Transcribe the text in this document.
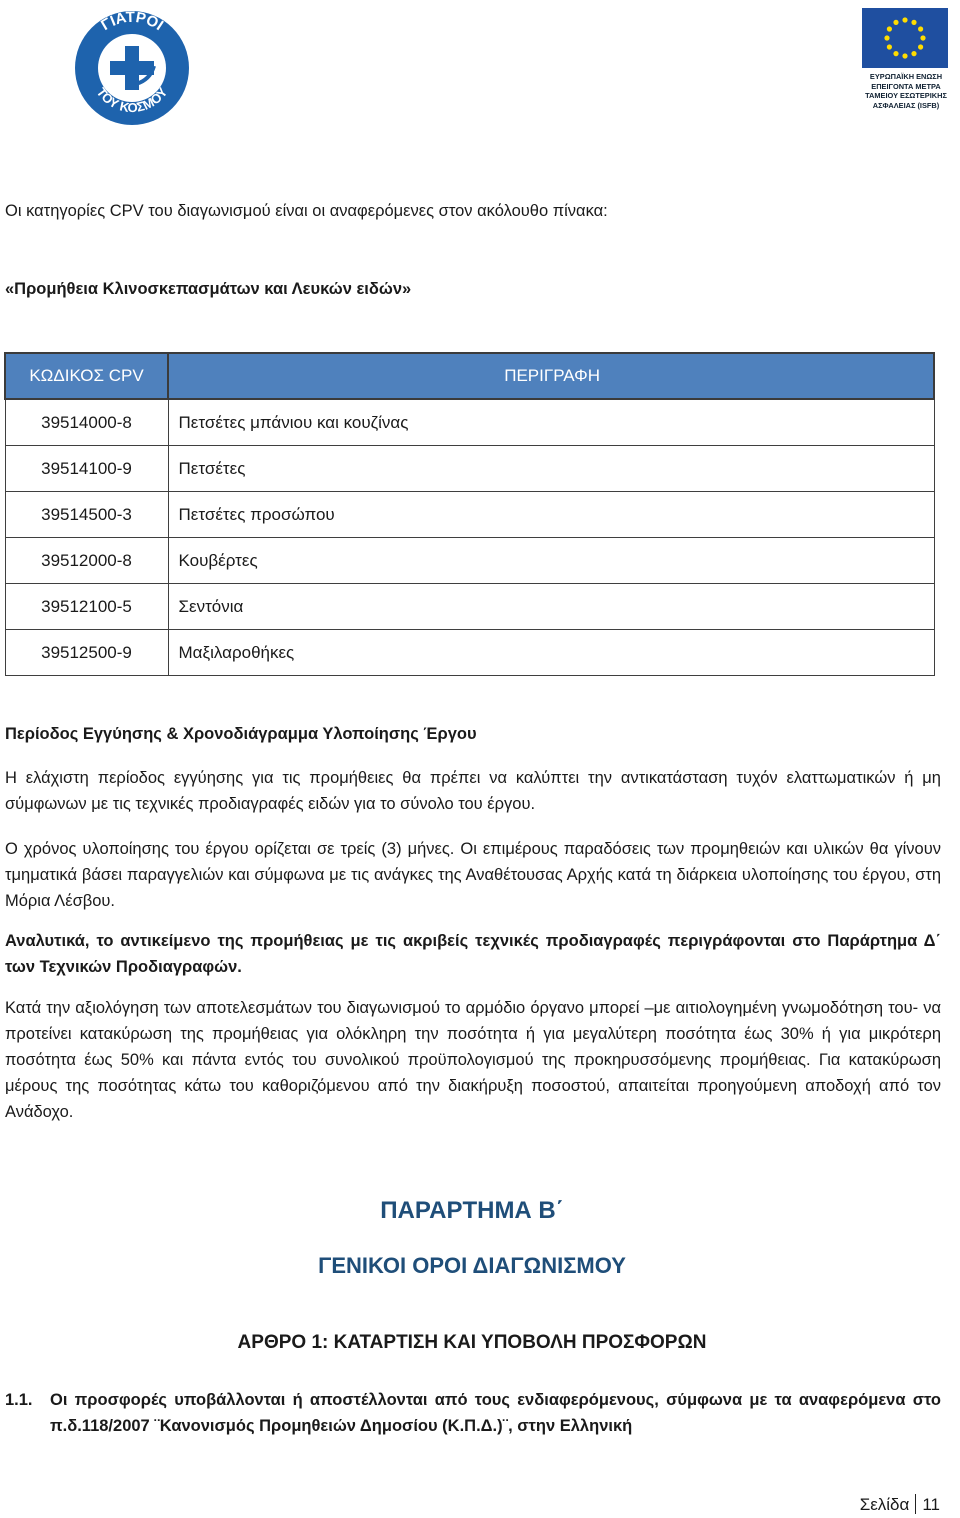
ΓΙΑΤΡΟΙ
ΤΟΥ ΚΟΣΜΟΥ
ΕΥΡΩΠΑΪΚΗ ΕΝΩΣΗ
ΕΠΕΙΓΟΝΤΑ ΜΕΤΡΑ
ΤΑΜΕΙΟΥ ΕΣΩΤΕΡΙΚΗΣ
ΑΣΦΑΛΕΙΑΣ (ISFB)
Οι κατηγορίες CPV του διαγωνισμού είναι οι αναφερόμενες στον ακόλουθο πίνακα:
«Προμήθεια Κλινοσκεπασμάτων και Λευκών ειδών»
ΚΩΔΙΚΟΣ CPV	ΠΕΡΙΓΡΑΦΗ
39514000-8	Πετσέτες μπάνιου και κουζίνας
39514100-9	Πετσέτες
39514500-3	Πετσέτες προσώπου
39512000-8	Κουβέρτες
39512100-5	Σεντόνια
39512500-9	Μαξιλαροθήκες
Περίοδος Εγγύησης & Χρονοδιάγραμμα Υλοποίησης Έργου
Η ελάχιστη περίοδος εγγύησης για τις προμήθειες θα πρέπει να καλύπτει την αντικατάσταση τυχόν ελαττωματικών ή μη σύμφωνων με τις τεχνικές προδιαγραφές ειδών για το σύνολο του έργου.
Ο χρόνος υλοποίησης του έργου ορίζεται σε τρείς (3) μήνες. Οι επιμέρους παραδόσεις των προμηθειών και υλικών θα γίνουν τμηματικά βάσει παραγγελιών και σύμφωνα με τις ανάγκες της Αναθέτουσας Αρχής κατά τη διάρκεια υλοποίησης του έργου, στη Μόρια Λέσβου.
Αναλυτικά, το αντικείμενο της προμήθειας με τις ακριβείς τεχνικές προδιαγραφές περιγράφονται στο Παράρτημα Δ΄ των Τεχνικών Προδιαγραφών.
Κατά την αξιολόγηση των αποτελεσμάτων του διαγωνισμού το αρμόδιο όργανο μπορεί –με αιτιολογημένη γνωμοδότηση του- να προτείνει κατακύρωση της προμήθειας για ολόκληρη την ποσότητα ή για μεγαλύτερη ποσότητα έως 30% ή για μικρότερη ποσότητα έως 50% και πάντα εντός του συνολικού προϋπολογισμού της προκηρυσσόμενης προμήθειας. Για κατακύρωση μέρους της ποσότητας κάτω του καθοριζόμενου από την διακήρυξη ποσοστού, απαιτείται προηγούμενη αποδοχή από τον Ανάδοχο.
ΠΑΡΑΡΤΗΜΑ Β΄
ΓΕΝΙΚΟΙ ΟΡΟΙ ΔΙΑΓΩΝΙΣΜΟΥ
ΑΡΘΡΟ 1: ΚΑΤΑΡΤΙΣΗ ΚΑΙ ΥΠΟΒΟΛΗ ΠΡΟΣΦΟΡΩΝ
1.1.	Οι προσφορές υποβάλλονται ή αποστέλλονται από τους ενδιαφερόμενους, σύμφωνα με τα αναφερόμενα στο π.δ.118/2007 ¨Κανονισμός Προμηθειών Δημοσίου (Κ.Π.Δ.)¨, στην Ελληνική
Σελίδα 11
